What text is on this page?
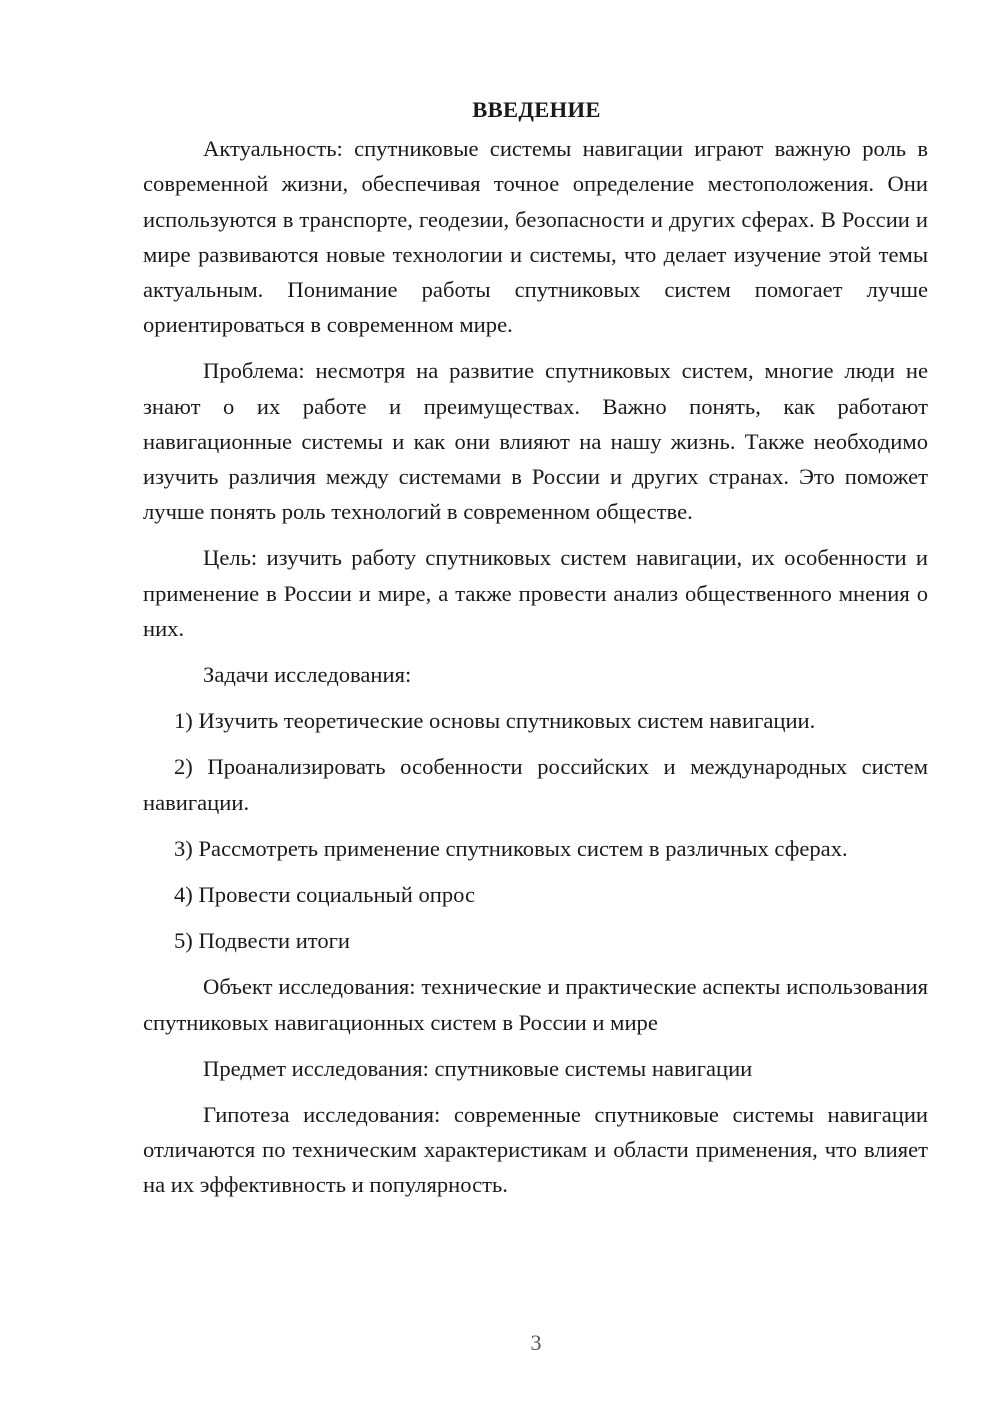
ВВЕДЕНИЕ

Актуальность: спутниковые системы навигации играют важную роль в современной жизни, обеспечивая точное определение местоположения. Они используются в транспорте, геодезии, безопасности и других сферах. В России и мире развиваются новые технологии и системы, что делает изучение этой темы актуальным. Понимание работы спутниковых систем помогает лучше ориентироваться в современном мире.

Проблема: несмотря на развитие спутниковых систем, многие люди не знают о их работе и преимуществах. Важно понять, как работают навигационные системы и как они влияют на нашу жизнь. Также необходимо изучить различия между системами в России и других странах. Это поможет лучше понять роль технологий в современном обществе.

Цель: изучить работу спутниковых систем навигации, их особенности и применение в России и мире, а также провести анализ общественного мнения о них.

Задачи исследования:

1) Изучить теоретические основы спутниковых систем навигации.

2) Проанализировать особенности российских и международных систем навигации.

3) Рассмотреть применение спутниковых систем в различных сферах.

4) Провести социальный опрос

5) Подвести итоги

Объект исследования: технические и практические аспекты использования спутниковых навигационных систем в России и мире

Предмет исследования: спутниковые системы навигации

Гипотеза исследования: современные спутниковые системы навигации отличаются по техническим характеристикам и области применения, что влияет на их эффективность и популярность.

3
